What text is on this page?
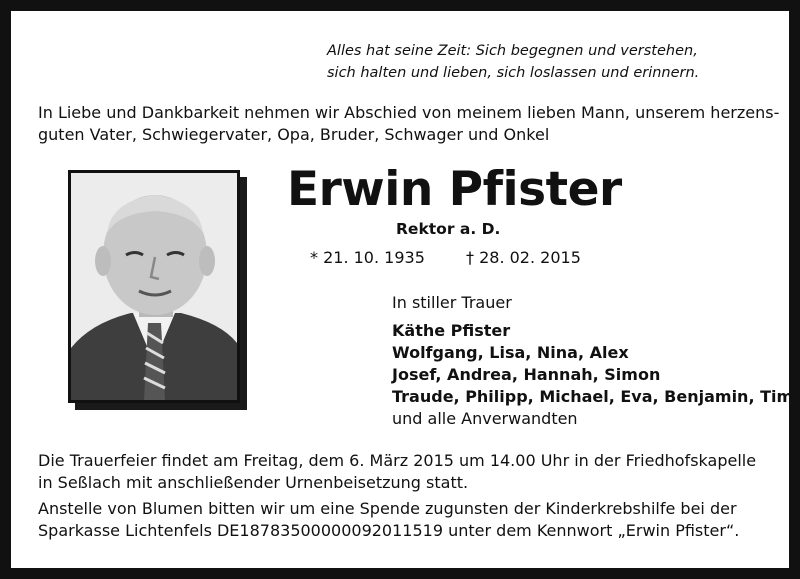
Alles hat seine Zeit: Sich begegnen und verstehen,
sich halten und lieben, sich loslassen und erinnern.

In Liebe und Dankbarkeit nehmen wir Abschied von meinem lieben Mann, unserem herzens-
guten Vater, Schwiegervater, Opa, Bruder, Schwager und Onkel

Erwin Pfister
Rektor a. D.
* 21. 10. 1935	† 28. 02. 2015
In stiller Trauer
Käthe Pfister
Wolfgang, Lisa, Nina, Alex
Josef, Andrea, Hannah, Simon
Traude, Philipp, Michael, Eva, Benjamin, Tim
und alle Anverwandten

Die Trauerfeier findet am Freitag, dem 6. März 2015 um 14.00 Uhr in der Friedhofskapelle
in Seßlach mit anschließender Urnenbeisetzung statt.

Anstelle von Blumen bitten wir um eine Spende zugunsten der Kinderkrebshilfe bei der
Sparkasse Lichtenfels DE18783500000092011519 unter dem Kennwort „Erwin Pfister“.
